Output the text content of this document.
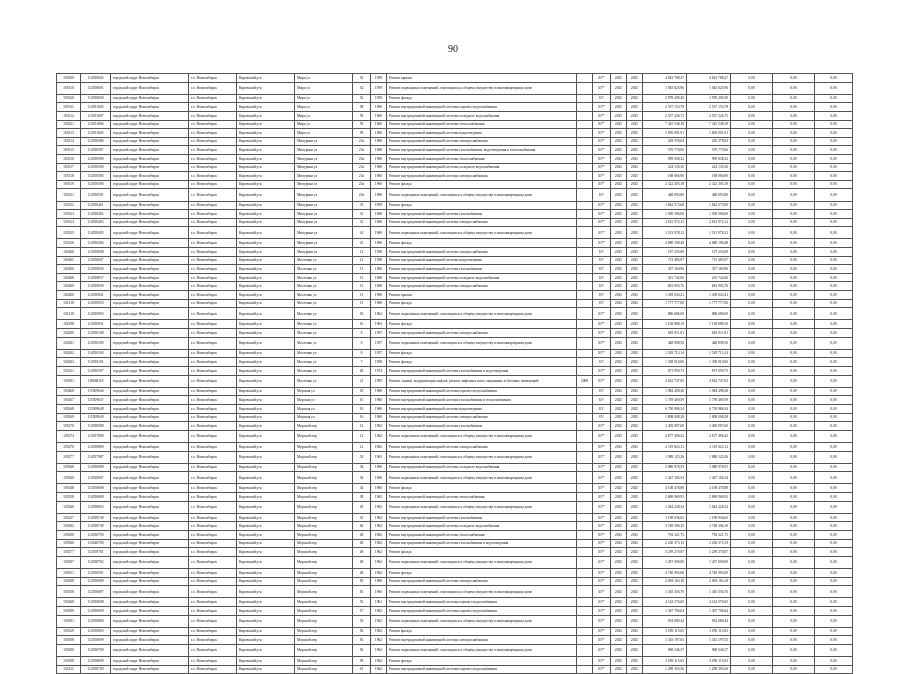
90
105309	114550602	городской округ Новосибирск	г.о. Новосибирск	Кировский р-н	Мира ул	52	1959	Ремонт крыши		БУ*	2025	2025	4 823 788,47	4 823 788,47	0,00	0,00	0,00
105310	114550601	городской округ Новосибирск	г.о. Новосибирск	Кировский р-н	Мира ул	52	1959	Ремонт подвальных помещений, относящихся к общему имуществу в многоквартирном доме		БУ*	2025	2025	1 045 625,96	1 045 625,96	0,00	0,00	0,00
105320	114550600	городской округ Новосибирск	г.о. Новосибирск	Кировский р-н	Мира ул	52	1959	Ремонт фасада		БУ	2025	2025	3 978 209,30	3 978 209,30	0,00	0,00	0,00
105311	114551604	городской округ Новосибирск	г.о. Новосибирск	Кировский р-н	Мира ул	58	1960	Ремонт внутридомовой инженерной системы горячего водоснабжения		БУ*	2025	2025	2 557 153,78	2 557 153,78	0,00	0,00	0,00
105312	114551607	городской округ Новосибирск	г.о. Новосибирск	Кировский р-н	Мира ул	59	1960	Ремонт внутридомовой инженерной системы холодного водоснабжения		БУ*	2025	2025	2 557 226,72	2 557 226,72	0,00	0,00	0,00
105421	114551606	городской округ Новосибирск	г.о. Новосибирск	Кировский р-н	Мира ул	59	1960	Ремонт внутридомовой инженерной системы теплоснабжения		БУ*	2025	2025	7 425 548,18	7 425 548,18	0,00	0,00	0,00
105313	114551605	городской округ Новосибирск	г.о. Новосибирск	Кировский р-н	Мира ул	59	1960	Ремонт внутридомовой инженерной системы водоотведения		БУ*	2025	2025	1 695 001,91	1 695 001,91	0,00	0,00	0,00
105314	114550586	городской округ Новосибирск	г.о. Новосибирск	Кировский р-н	Мичурина ул	23а	1960	Ремонт внутридомовой инженерной системы электроснабжения		БУ*	2025	2025	205 378,04	205 378,04	0,00	0,00	0,00
105315	114550587	городской округ Новосибирск	г.о. Новосибирск	Кировский р-н	Мичурина ул	23а	1960	Ремонт внутридомовой инженерной системы газоснабжения, водоотведения и теплоснабжения		БУ*	2025	2025	570 770,06	570 770,06	0,00	0,00	0,00
105316	114550589	городской округ Новосибирск	г.о. Новосибирск	Кировский р-н	Мичурина ул	23а	1960	Ремонт внутридомовой инженерной системы теплоснабжения		БУ*	2025	2025	995 938,32	995 938,32	0,00	0,00	0,00
105317	114550588	городской округ Новосибирск	г.о. Новосибирск	Кировский р-н	Мичурина ул	23а	1960	Ремонт внутридомовой инженерной системы холодного водоснабжения		БУ*	2025	2025	224 135,30	224 135,30	0,00	0,00	0,00
105318	114550585	городской округ Новосибирск	г.о. Новосибирск	Кировский р-н	Мичурина ул	23а	1960	Ремонт внутридомовой инженерной системы электроснабжения		БУ*	2025	2025	168 066,90	168 066,90	0,00	0,00	0,00
105319	114550590	городской округ Новосибирск	г.о. Новосибирск	Кировский р-н	Мичурина ул	23а	1960	Ремонт фасада		БУ*	2025	2025	2 322 305,18	2 322 305,18	0,00	0,00	0,00
105321	114550591	городской округ Новосибирск	г.о. Новосибирск	Кировский р-н	Мичурина ул	23а	1960	Ремонт подвальных помещений, относящихся к общему имуществу в многоквартирном доме		БУ	2025	2025	448 093,80	448 093,80	0,00	0,00	0,00
105322	114550401	городской округ Новосибирск	г.о. Новосибирск	Кировский р-н	Мичурина ул	33	1959	Ремонт фасада		БУ*	2025	2025	1 842 573,60	1 842 573,60	0,00	0,00	0,00
105323	114550402	городской округ Новосибирск	г.о. Новосибирск	Кировский р-н	Мичурина ул	41	1960	Ремонт внутридомовой инженерной системы газоснабжения		БУ*	2025	2025	1 500 596,00	1 500 596,00	0,00	0,00	0,00
105324	114550403	городской округ Новосибирск	г.о. Новосибирск	Кировский р-н	Мичурина ул	41	1960	Ремонт внутридомовой инженерной системы электроснабжения		БУ*	2025	2025	2 615 972,12	2 615 972,12	0,00	0,00	0,00
105325	114550405	городской округ Новосибирск	г.о. Новосибирск	Кировский р-н	Мичурина ул	41	1960	Ремонт подвальных помещений, относящихся к общему имуществу в многоквартирном доме		БУ*	2025	2025	1 513 978,12	1 513 978,12	0,00	0,00	0,00
105326	114550404	городской округ Новосибирск	г.о. Новосибирск	Кировский р-н	Мичурина ул	41	1960	Ремонт фасада		БУ*	2025	2025	4 080 190,48	4 080 190,48	0,00	0,00	0,00
102406	114550838	городской округ Новосибирск	г.о. Новосибирск	Кировский р-н	Мичурина ул	12	1958	Ремонт внутридомовой инженерной системы электроснабжения		БУ	2025	2025	197 233,69	197 233,69	0,00	0,00	0,00
102405	114550847	городской округ Новосибирск	г.о. Новосибирск	Кировский р-н	Мосеенко ул	12	1958	Ремонт внутридомовой инженерной системы водоотведения		БУ	2025	2025	713 485,07	713 485,07	0,00	0,00	0,00
102406	114550836	городской округ Новосибирск	г.о. Новосибирск	Кировский р-н	Мосеенко ул	13	1960	Ремонт внутридомовой инженерной системы газоснабжения		БУ	2025	2025	357 169,96	357 169,96	0,00	0,00	0,00
102408	114550837	городской округ Новосибирск	г.о. Новосибирск	Кировский р-н	Мосеенко ул	13	1960	Ремонт внутридомовой инженерной системы холодного водоснабжения		БУ	2025	2025	201 742,06	201 742,06	0,00	0,00	0,00
102409	114550838	городской округ Новосибирск	г.о. Новосибирск	Кировский р-н	Мосеенко ул	13	1960	Ремонт внутридомовой инженерной системы электроснабжения		БУ	2025	2025	681 903,76	681 903,76	0,00	0,00	0,00
102406	114550841	городской округ Новосибирск	г.о. Новосибирск	Кировский р-н	Мосеенко ул	13	1960	Ремонт крыши		БУ	2025	2025	1 439 043,41	1 439 043,41	0,00	0,00	0,00
102118	114550935	городской округ Новосибирск	г.о. Новосибирск	Кировский р-н	Мосеенко ул	13	1960	Ремонт фасада		БУ	2025	2025	1 777 777,00	1 777 777,00	0,00	0,00	0,00
102118	114550903	городской округ Новосибирск	г.о. Новосибирск	Кировский р-н	Мосеенко ул	18	1962	Ремонт подвальных помещений, относящихся к общему имуществу в многоквартирном доме		БУ*	2025	2025	886 686,00	886 686,00	0,00	0,00	0,00
102198	114550931	городской округ Новосибирск	г.о. Новосибирск	Кировский р-н	Мосеенко ул	16	1963	Ремонт фасада		БУ*	2025	2025	1 138 888,10	1 138 888,10	0,00	0,00	0,00
102200	114550108	городской округ Новосибирск	г.о. Новосибирск	Кировский р-н	Мосеенко ул	6	1957	Ремонт внутридомовой инженерной системы электроснабжения		БУ*	2025	2025	681 911,81	681 911,81	0,00	0,00	0,00
102201	114550109	городской округ Новосибирск	г.о. Новосибирск	Кировский р-н	Мосеенко ул	6	1957	Ремонт подвальных помещений, относящихся к общему имуществу в многоквартирном доме		БУ*	2025	2025	448 898,50	448 898,50	0,00	0,00	0,00
102202	114550100	городской округ Новосибирск	г.о. Новосибирск	Кировский р-н	Мосеенко ул	8	1957	Ремонт фасада		БУ*	2025	2025	1 529 713,14	1 529 713,14	0,00	0,00	0,00
102203	114550101	городской округ Новосибирск	г.о. Новосибирск	Кировский р-н	Мосеенко ул	7	1958	Ремонт фасада		БУ	2025	2025	1 338 910,06	1 338 910,06	0,00	0,00	0,00
105321	114550597	городской округ Новосибирск	г.о. Новосибирск	Кировский р-н	Мосеенко ул	20	1974	Ремонт внутридомовой инженерной системы газоснабжения и водоотведения		БУ*	2025	2025	873 959,75	873 959,75	0,00	0,00	0,00
105301	118568118	городской округ Новосибирск	г.о. Новосибирск	Кировский р-н	Мосеенко ул	21	1995	Ремонт, замена, модернизация лифтов, ремонт лифтовых шахт, машинных и блочных помещений	2008	БУ*	2025	2025	4 652 747,65	4 652 747,65	0,00	0,00	0,00
105468	115509646	городской округ Новосибирск	г.о. Новосибирск	Кировский р-н	Морская ул	18	1960	Ремонт внутридомовой инженерной системы горячего водоснабжения		БУ	2025	2025	1 984 498,28	1 984 498,28	0,00	0,00	0,00
105267	115509647	городской округ Новосибирск	г.о. Новосибирск	Кировский р-н	Морская ул	16	1960	Ремонт внутридомовой инженерной системы газоснабжения и теплоснабжения		БУ	2025	2025	1 739 469,59	1 739 469,59	0,00	0,00	0,00
105268	115509648	городской округ Новосибирск	г.о. Новосибирск	Кировский р-н	Морская ул	16	1960	Ремонт внутридомовой инженерной системы водоотведения		БУ	2025	2025	6 750 886,34	6 750 886,34	0,00	0,00	0,00
105269	115509649	городской округ Новосибирск	г.о. Новосибирск	Кировский р-н	Морская ул	16	1960	Ремонт внутридомовой инженерной системы электроснабжения		БУ	2025	2025	1 808 008,28	1 808 008,28	0,00	0,00	0,00
105270	114550588	городской округ Новосибирск	г.о. Новосибирск	Кировский р-н	Морской пер	12	1962	Ремонт внутридомовой инженерной системы газоснабжения		БУ*	2025	2025	3 405 907,60	3 405 907,60	0,00	0,00	0,00
105274	114557800	городской округ Новосибирск	г.о. Новосибирск	Кировский р-н	Морской пер	12	1962	Ремонт подвальных помещений, относящихся к общему имуществу в многоквартирном доме		БУ*	2025	2025	2 677 496,42	2 677 496,42	0,00	0,00	0,00
105276	114559800	городской округ Новосибирск	г.о. Новосибирск	Кировский р-н	Морской пер	12	1962	Ремонт внутридомовой инженерной системы электроснабжения		БУ*	2025	2025	2 119 623,13	2 119 623,13	0,00	0,00	0,00
105277	114557987	городской округ Новосибирск	г.о. Новосибирск	Кировский р-н	Морской пер	32	1963	Ремонт подвальных помещений, относящихся к общему имуществу в многоквартирном доме		БУ*	2025	2025	1 089 125,26	1 089 125,26	0,00	0,00	0,00
105368	114550689	городской округ Новосибирск	г.о. Новосибирск	Кировский р-н	Морской пер	34	1960	Ремонт внутридомовой инженерной системы холодного водоснабжения		БУ*	2025	2025	3 086 978,55	3 086 978,55	0,00	0,00	0,00
105369	114550607	городской округ Новосибирск	г.о. Новосибирск	Кировский р-н	Морской пер	34	1960	Ремонт подвальных помещений, относящихся к общему имуществу в многоквартирном доме		БУ*	2025	2025	1 447 182,54	1 447 182,54	0,00	0,00	0,00
105348	114550608	городской округ Новосибирск	г.о. Новосибирск	Кировский р-н	Морской пер	34	1960	Ремонт фасада		БУ*	2025	2025	4 108 478,88	4 108 478,88	0,00	0,00	0,00
105258	114550689	городской округ Новосибирск	г.о. Новосибирск	Кировский р-н	Морской пер	38	1962	Ремонт внутридомовой инженерной системы теплоснабжения		БУ*	2025	2025	2 869 969,93	2 869 969,93	0,00	0,00	0,00
105266	114558603	городской округ Новосибирск	г.о. Новосибирск	Кировский р-н	Морской пер	45	1962	Ремонт подвальных помещений, относящихся к общему имуществу в многоквартирном доме		БУ*	2025	2025	1 044 228,34	1 044 228,34	0,00	0,00	0,00
105227	114558748	городской округ Новосибирск	г.о. Новосибирск	Кировский р-н	Морской пер	45	1962	Ремонт внутридомовой инженерной системы газоснабжения		БУ*	2025	2025	1 198 036,65	1 198 036,65	0,00	0,00	0,00
105282	114558749	городской округ Новосибирск	г.о. Новосибирск	Кировский р-н	Морской пер	46	1962	Ремонт внутридомовой инженерной системы холодного водоснабжения		БУ*	2025	2025	3 748 306,10	3 748 306,10	0,00	0,00	0,00
105298	114558750	городской округ Новосибирск	г.о. Новосибирск	Кировский р-н	Морской пер	48	1962	Ремонт внутридомовой инженерной системы теплоснабжения		БУ*	2025	2025	794 321,75	794 321,75	0,00	0,00	0,00
105366	114548700	городской округ Новосибирск	г.о. Новосибирск	Кировский р-н	Морской пер	48	1962	Ремонт внутридомовой инженерной системы газоснабжения и водоотведения		БУ*	2025	2025	2 230 373,19	2 230 373,19	0,00	0,00	0,00
105377	114558701	городской округ Новосибирск	г.о. Новосибирск	Кировский р-н	Морской пер	48	1962	Ремонт фасада		БУ*	2025	2025	3 259 270,87	3 259 270,87	0,00	0,00	0,00
105387	114558702	городской округ Новосибирск	г.о. Новосибирск	Кировский р-н	Морской пер	48	1962	Ремонт подвальных помещений, относящихся к общему имуществу в многоквартирном доме		БУ*	2025	2025	1 457 000,00	1 457 000,00	0,00	0,00	0,00
105531	114550591	городской округ Новосибирск	г.о. Новосибирск	Кировский р-н	Морской пер	48	1962	Ремонт фасада		БУ*	2025	2025	4 740 993,00	4 740 993,00	0,00	0,00	0,00
105388	114550689	городской округ Новосибирск	г.о. Новосибирск	Кировский р-н	Морской пер	50	1960	Ремонт внутридомовой инженерной системы электроснабжения		БУ*	2025	2025	2 094 163,18	2 094 163,18	0,00	0,00	0,00
105338	114550697	городской округ Новосибирск	г.о. Новосибирск	Кировский р-н	Морской пер	50	1960	Ремонт подвальных помещений, относящихся к общему имуществу в многоквартирном доме		БУ*	2025	2025	1 455 356,76	1 455 356,76	0,00	0,00	0,00
105268	114550698	городской округ Новосибирск	г.о. Новосибирск	Кировский р-н	Морской пер	53	1961	Ремонт внутридомовой инженерной системы горячего водоснабжения		БУ*	2025	2025	4 142 576,65	4 142 576,65	0,00	0,00	0,00
105299	114550699	городской округ Новосибирск	г.о. Новосибирск	Кировский р-н	Морской пер	57	1962	Ремонт внутридомовой инженерной системы горячего водоснабжения		БУ*	2025	2025	1 307 706,64	1 307 706,64	0,00	0,00	0,00
105301	114550800	городской округ Новосибирск	г.о. Новосибирск	Кировский р-н	Морской пер	53	1962	Ремонт подвальных помещений, относящихся к общему имуществу в многоквартирном доме		БУ*	2025	2025	934 080,44	934 080,44	0,00	0,00	0,00
105329	114550803	городской округ Новосибирск	г.о. Новосибирск	Кировский р-н	Морской пер	56	1962	Ремонт фасада		БУ*	2025	2025	3 059 115,65	3 059 115,65	0,00	0,00	0,00
105308	114558699	городской округ Новосибирск	г.о. Новосибирск	Кировский р-н	Морской пер	56	1962	Ремонт внутридомовой инженерной системы электроснабжения		БУ*	2025	2025	1 353 197,03	1 353 197,03	0,00	0,00	0,00
105290	114558700	городской округ Новосибирск	г.о. Новосибирск	Кировский р-н	Морской пер	56	1962	Ремонт подвальных помещений, относящихся к общему имуществу в многоквартирном доме		БУ*	2025	2025	968 546,37	968 546,37	0,00	0,00	0,00
105398	114558699	городской округ Новосибирск	г.о. Новосибирск	Кировский р-н	Морской пер	59	1962	Ремонт фасада		БУ*	2025	2025	3 059 115,65	3 059 115,65	0,00	0,00	0,00
105411	114558700	городской округ Новосибирск	г.о. Новосибирск	Кировский р-н	Морской пер	61	1962	Ремонт внутридомовой инженерной системы горячего водоснабжения		БУ*	2025	2025	1 298 393,56	1 298 393,56	0,00	0,00	0,00
